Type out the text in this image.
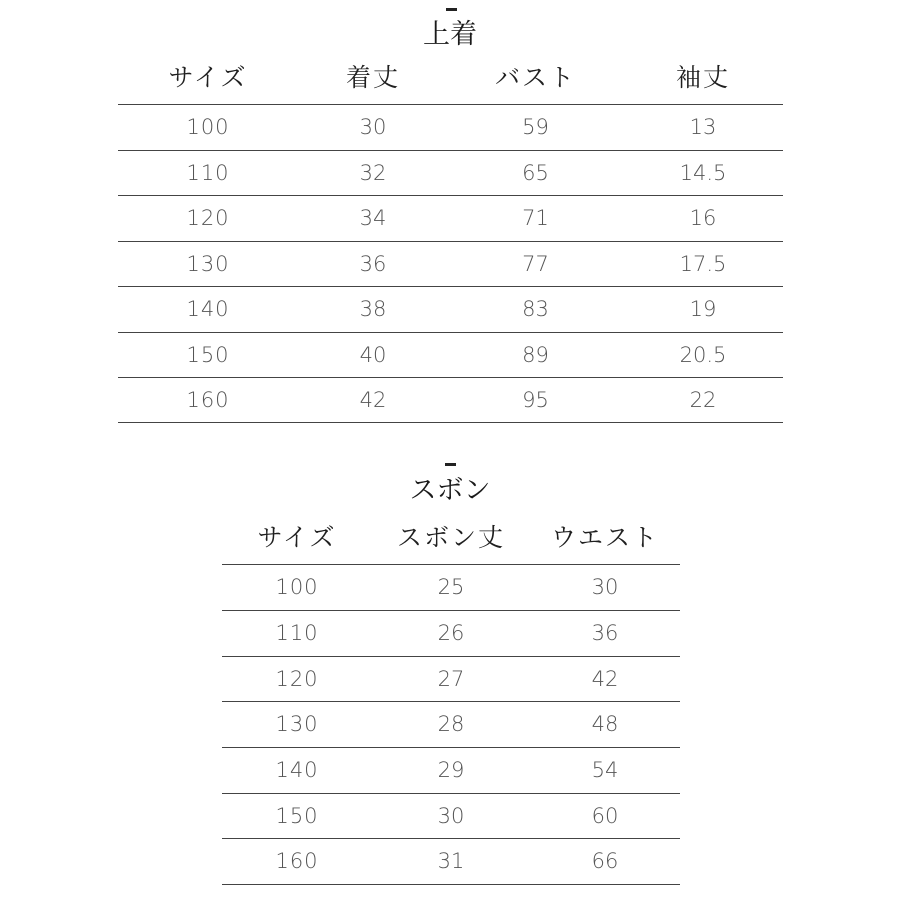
上着
サイズ	着丈	バスト	袖丈
100	30	59	13
110	32	65	14.5
120	34	71	16
130	36	77	17.5
140	38	83	19
150	40	89	20.5
160	42	95	22
スボン
サイズ	スボン丈	ウエスト
100	25	30
110	26	36
120	27	42
130	28	48
140	29	54
150	30	60
160	31	66
